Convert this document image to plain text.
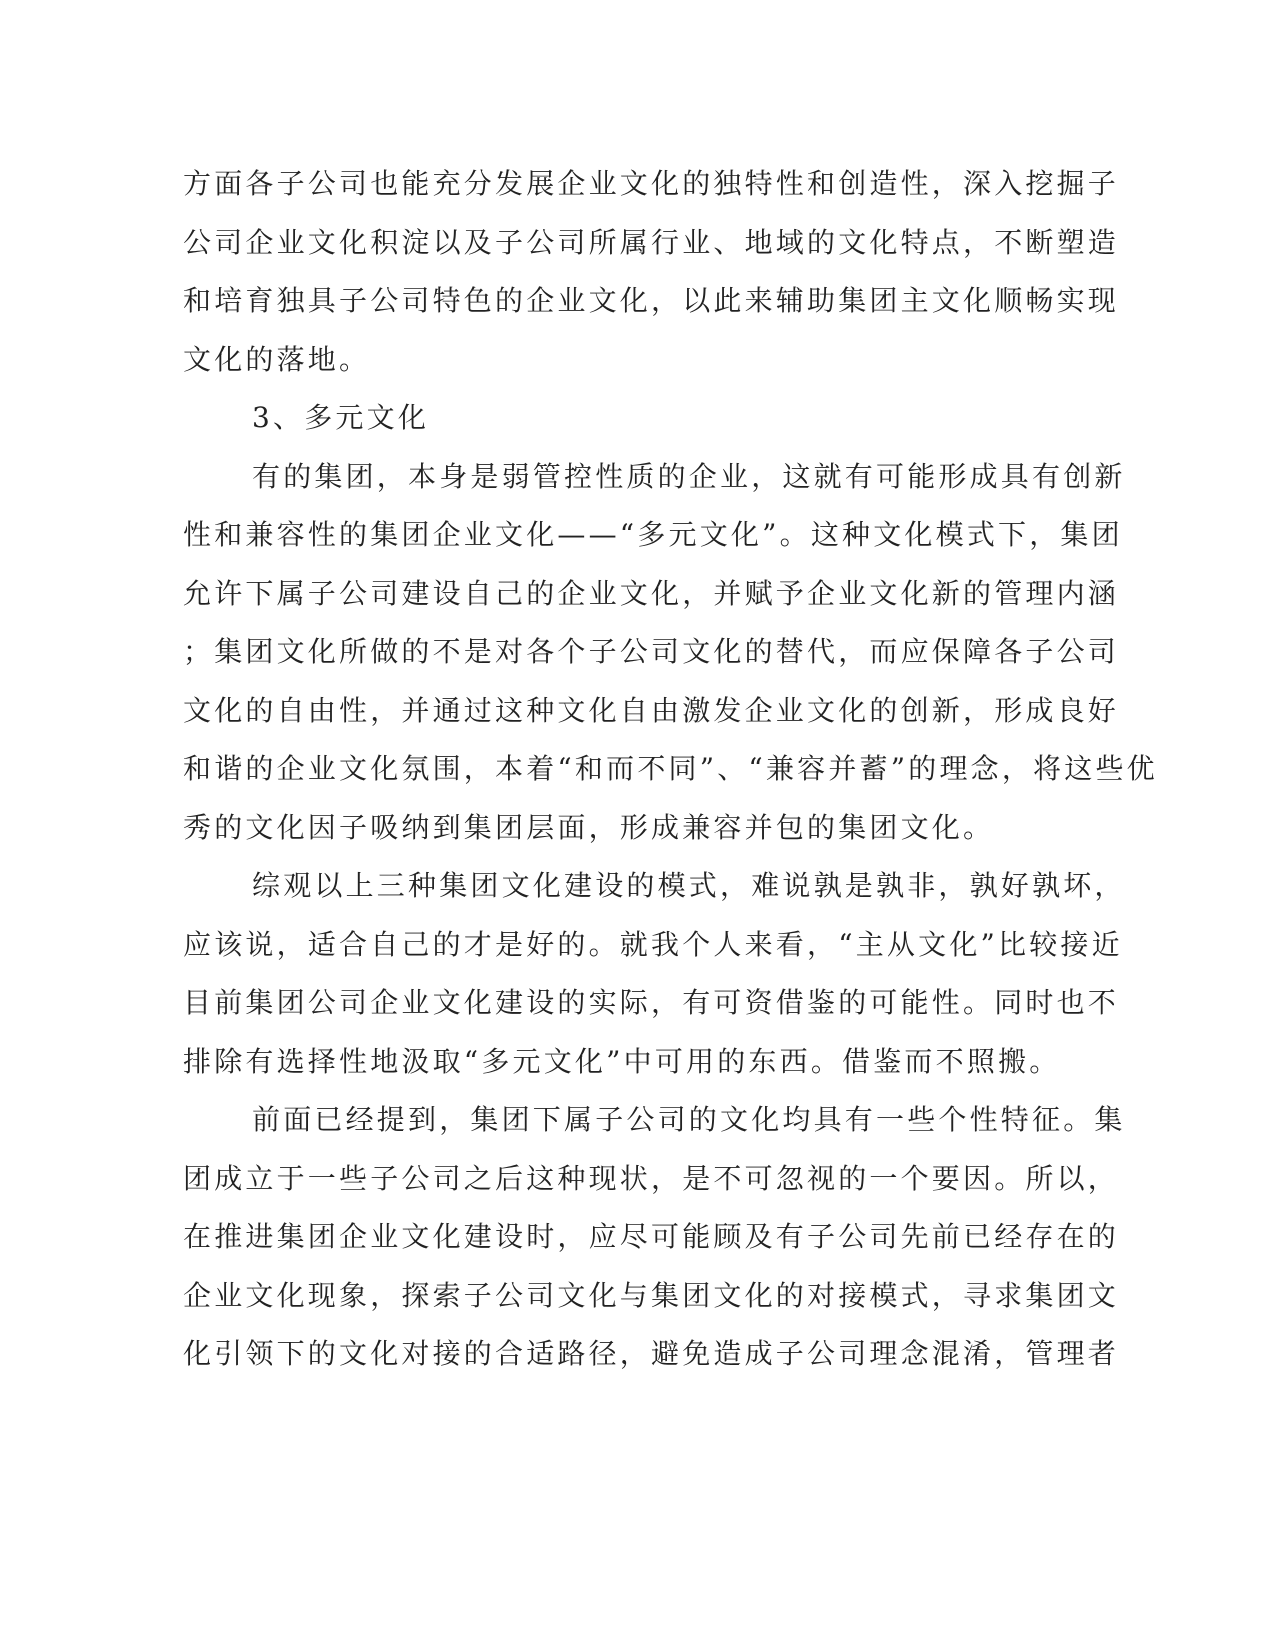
方面各子公司也能充分发展企业文化的独特性和创造性，深入挖掘子
公司企业文化积淀以及子公司所属行业、地域的文化特点，不断塑造
和培育独具子公司特色的企业文化，以此来辅助集团主文化顺畅实现
文化的落地。
3、多元文化
有的集团，本身是弱管控性质的企业，这就有可能形成具有创新
性和兼容性的集团企业文化——“多元文化”。这种文化模式下，集团
允许下属子公司建设自己的企业文化，并赋予企业文化新的管理内涵
；集团文化所做的不是对各个子公司文化的替代，而应保障各子公司
文化的自由性，并通过这种文化自由激发企业文化的创新，形成良好
和谐的企业文化氛围，本着“和而不同”、“兼容并蓄”的理念，将这些优
秀的文化因子吸纳到集团层面，形成兼容并包的集团文化。
综观以上三种集团文化建设的模式，难说孰是孰非，孰好孰坏，
应该说，适合自己的才是好的。就我个人来看，“主从文化”比较接近
目前集团公司企业文化建设的实际，有可资借鉴的可能性。同时也不
排除有选择性地汲取“多元文化”中可用的东西。借鉴而不照搬。
前面已经提到，集团下属子公司的文化均具有一些个性特征。集
团成立于一些子公司之后这种现状，是不可忽视的一个要因。所以，
在推进集团企业文化建设时，应尽可能顾及有子公司先前已经存在的
企业文化现象，探索子公司文化与集团文化的对接模式，寻求集团文
化引领下的文化对接的合适路径，避免造成子公司理念混淆，管理者
